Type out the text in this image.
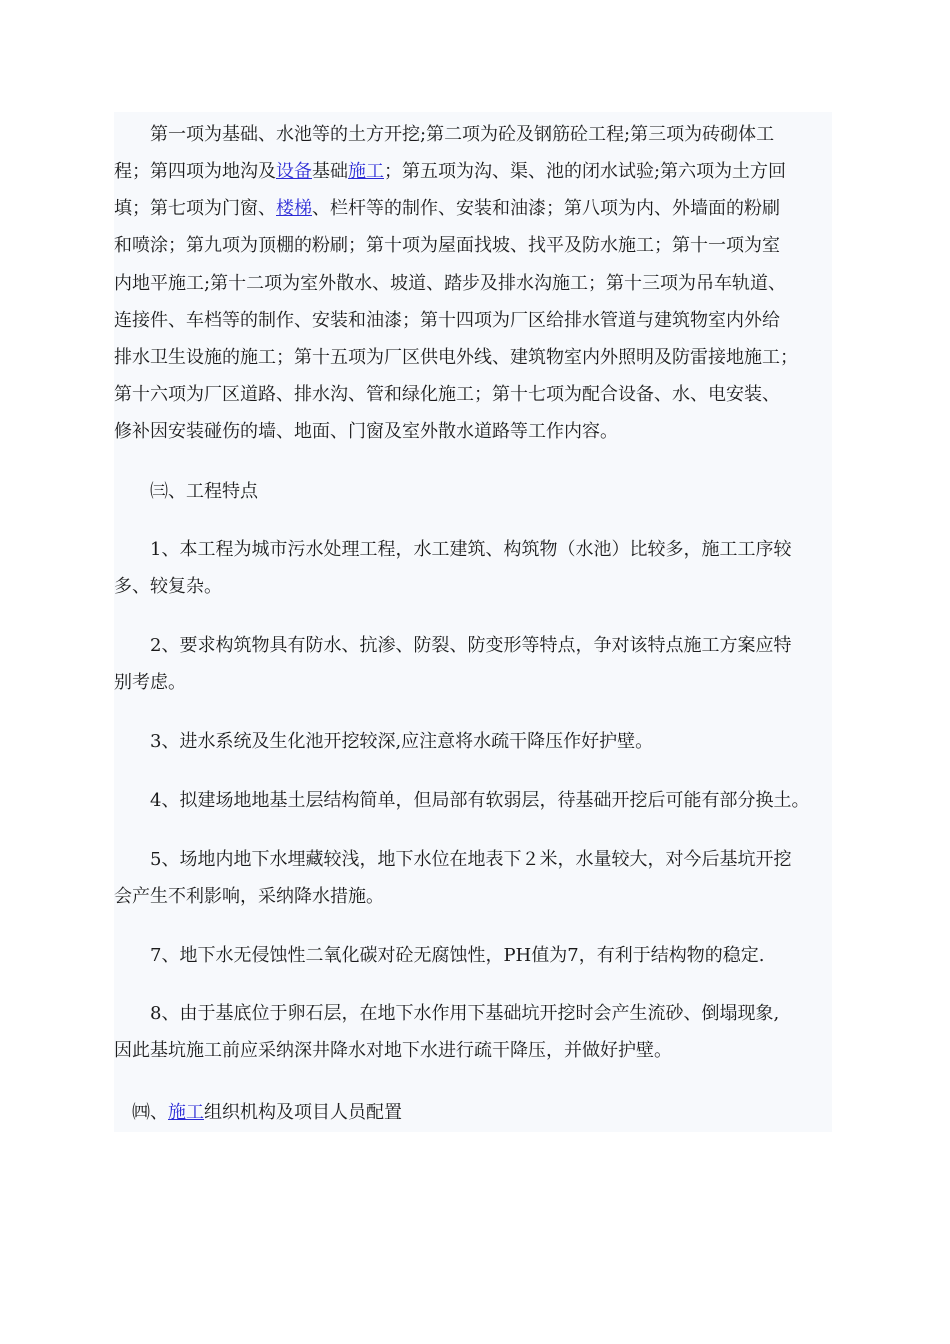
　　第一项为基础、水池等的土方开挖;第二项为砼及钢筋砼工程;第三项为砖砌体工
程；第四项为地沟及设备基础施工；第五项为沟、渠、池的闭水试验;第六项为土方回
填；第七项为门窗、楼梯、栏杆等的制作、安装和油漆；第八项为内、外墙面的粉刷
和喷涂；第九项为顶棚的粉刷；第十项为屋面找坡、找平及防水施工；第十一项为室
内地平施工;第十二项为室外散水、坡道、踏步及排水沟施工；第十三项为吊车轨道、
连接件、车档等的制作、安装和油漆；第十四项为厂区给排水管道与建筑物室内外给
排水卫生设施的施工；第十五项为厂区供电外线、建筑物室内外照明及防雷接地施工；
第十六项为厂区道路、排水沟、管和绿化施工；第十七项为配合设备、水、电安装、
修补因安装碰伤的墙、地面、门窗及室外散水道路等工作内容。
　　㈢、工程特点
　　1、本工程为城市污水处理工程，水工建筑、构筑物（水池）比较多，施工工序较
多、较复杂。
　　2、要求构筑物具有防水、抗渗、防裂、防变形等特点，争对该特点施工方案应特
别考虑。
　　3、进水系统及生化池开挖较深,应注意将水疏干降压作好护壁。
　　4、拟建场地地基土层结构简单，但局部有软弱层，待基础开挖后可能有部分换土。
　　5、场地内地下水埋藏较浅，地下水位在地表下２米，水量较大，对今后基坑开挖
会产生不利影响，采纳降水措施。
　　7、地下水无侵蚀性二氧化碳对砼无腐蚀性，PH值为7，有利于结构物的稳定.
　　8、由于基底位于卵石层，在地下水作用下基础坑开挖时会产生流砂、倒塌现象,
因此基坑施工前应采纳深井降水对地下水进行疏干降压，并做好护壁。
　㈣、施工组织机构及项目人员配置
